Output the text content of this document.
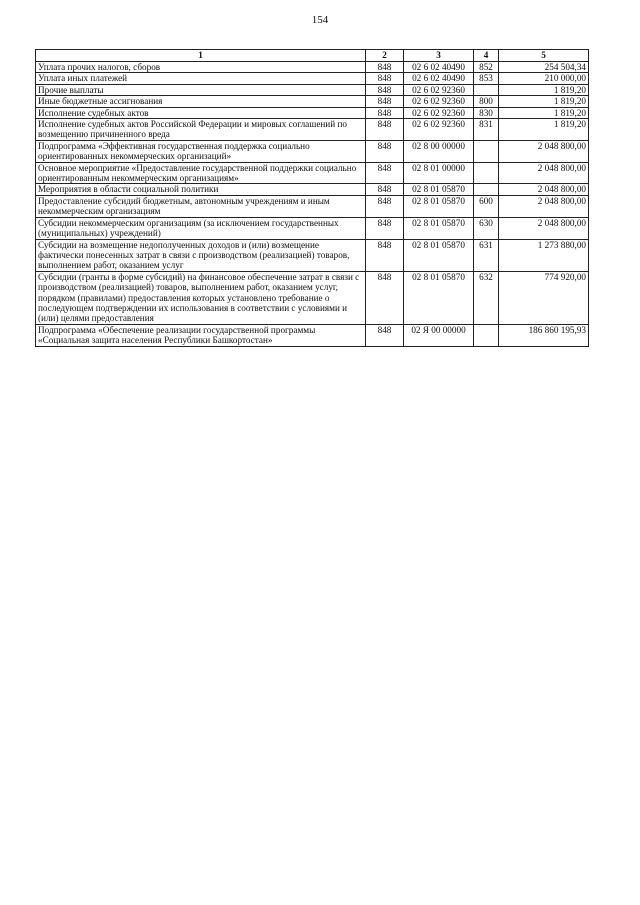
154
1	2	3	4	5
Уплата прочих налогов, сборов	848	02 6 02 40490	852	254 504,34
Уплата иных платежей	848	02 6 02 40490	853	210 000,00
Прочие выплаты	848	02 6 02 92360		1 819,20
Иные бюджетные ассигнования	848	02 6 02 92360	800	1 819,20
Исполнение судебных актов	848	02 6 02 92360	830	1 819,20
Исполнение судебных актов Российской Федерации и мировых соглашений по возмещению причиненного вреда	848	02 6 02 92360	831	1 819,20
Подпрограмма «Эффективная государственная поддержка социально ориентированных некоммерческих организаций»	848	02 8 00 00000		2 048 800,00
Основное мероприятие «Предоставление государственной поддержки социально ориентированным некоммерческим организациям»	848	02 8 01 00000		2 048 800,00
Мероприятия в области социальной политики	848	02 8 01 05870		2 048 800,00
Предоставление субсидий бюджетным, автономным учреждениям и иным некоммерческим организациям	848	02 8 01 05870	600	2 048 800,00
Субсидии некоммерческим организациям (за исключением государственных (муниципальных) учреждений)	848	02 8 01 05870	630	2 048 800,00
Субсидии на возмещение недополученных доходов и (или) возмещение фактически понесенных затрат в связи с производством (реализацией) товаров, выполнением работ, оказанием услуг	848	02 8 01 05870	631	1 273 880,00
Субсидии (гранты в форме субсидий) на финансовое обеспечение затрат в связи с производством (реализацией) товаров, выполнением работ, оказанием услуг, порядком (правилами) предоставления которых установлено требование о последующем подтверждении их использования в соответствии с условиями и (или) целями предоставления	848	02 8 01 05870	632	774 920,00
Подпрограмма «Обеспечение реализации государственной программы «Социальная защита населения Республики Башкортостан»	848	02 Я 00 00000		186 860 195,93
